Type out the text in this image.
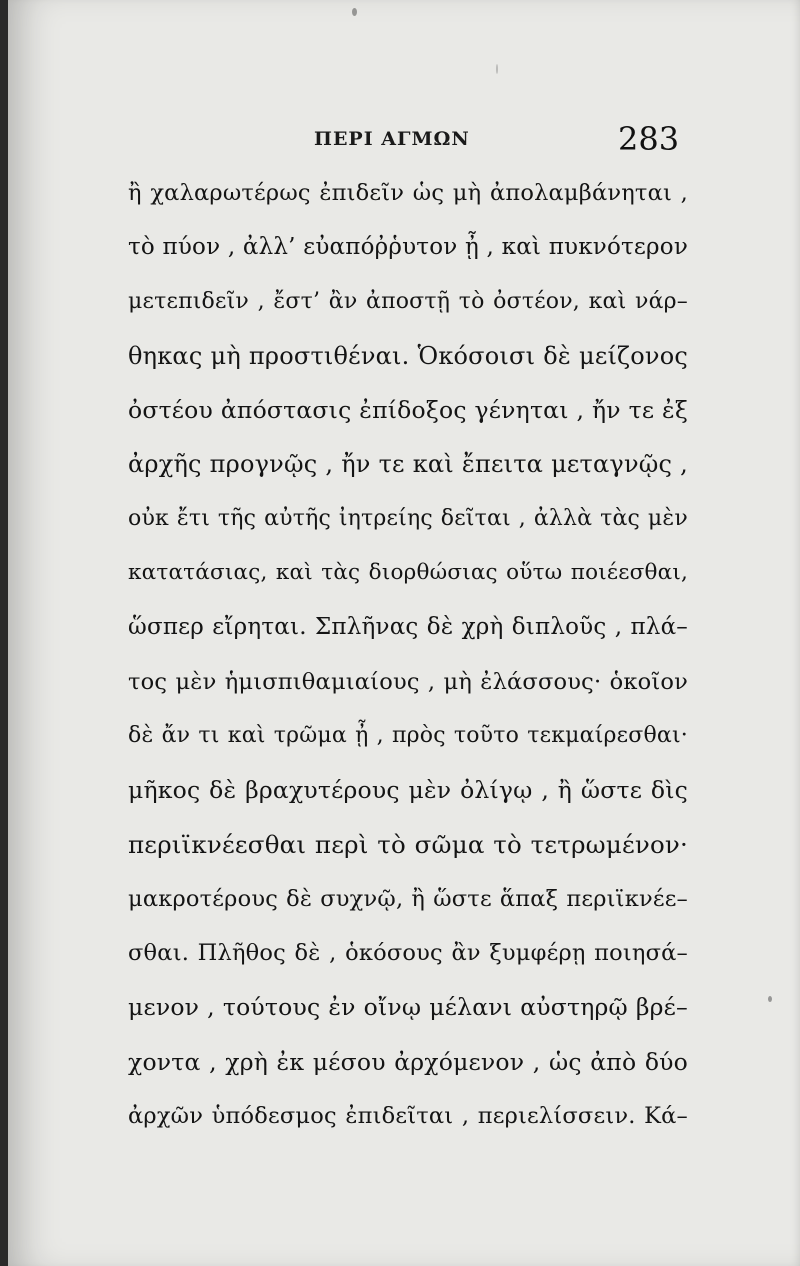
ΠΕΡΙ ΑΓΜΩΝ	283
ἢ χαλαρωτέρως ἐπιδεῖν ὡς μὴ ἀπολαμβάνηται ,
τὸ πύον , ἀλλ’ εὐαπόῤῥυτον ᾖ , καὶ πυκνότερον
μετεπιδεῖν , ἔστ’ ἂν ἀποστῇ τὸ ὀστέον, καὶ νάρ–
θηκας μὴ προστιθέναι. Ὁκόσοισι δὲ μείζονος
ὀστέου ἀπόστασις ἐπίδοξος γένηται , ἤν τε ἐξ
ἀρχῆς προγνῷς , ἤν τε καὶ ἔπειτα μεταγνῷς ,
οὐκ ἔτι τῆς αὐτῆς ἰητρείης δεῖται , ἀλλὰ τὰς μὲν
κατατάσιας, καὶ τὰς διορθώσιας οὕτω ποιέεσθαι,
ὥσπερ εἴρηται. Σπλῆνας δὲ χρὴ διπλοῦς , πλά–
τος μὲν ἡμισπιθαμιαίους , μὴ ἐλάσσους· ὁκοῖον
δὲ ἄν τι καὶ τρῶμα ᾖ , πρὸς τοῦτο τεκμαίρεσθαι·
μῆκος δὲ βραχυτέρους μὲν ὀλίγῳ , ἢ ὥστε δὶς
περιϊκνέεσθαι περὶ τὸ σῶμα τὸ τετρωμένον·
μακροτέρους δὲ συχνῷ, ἢ ὥστε ἅπαξ περιϊκνέε–
σθαι. Πλῆθος δὲ , ὁκόσους ἂν ξυμφέρῃ ποιησά–
μενον , τούτους ἐν οἴνῳ μέλανι αὐστηρῷ βρέ–
χοντα , χρὴ ἐκ μέσου ἀρχόμενον , ὡς ἀπὸ δύο
ἀρχῶν ὑπόδεσμος ἐπιδεῖται , περιελίσσειν. Κά–
